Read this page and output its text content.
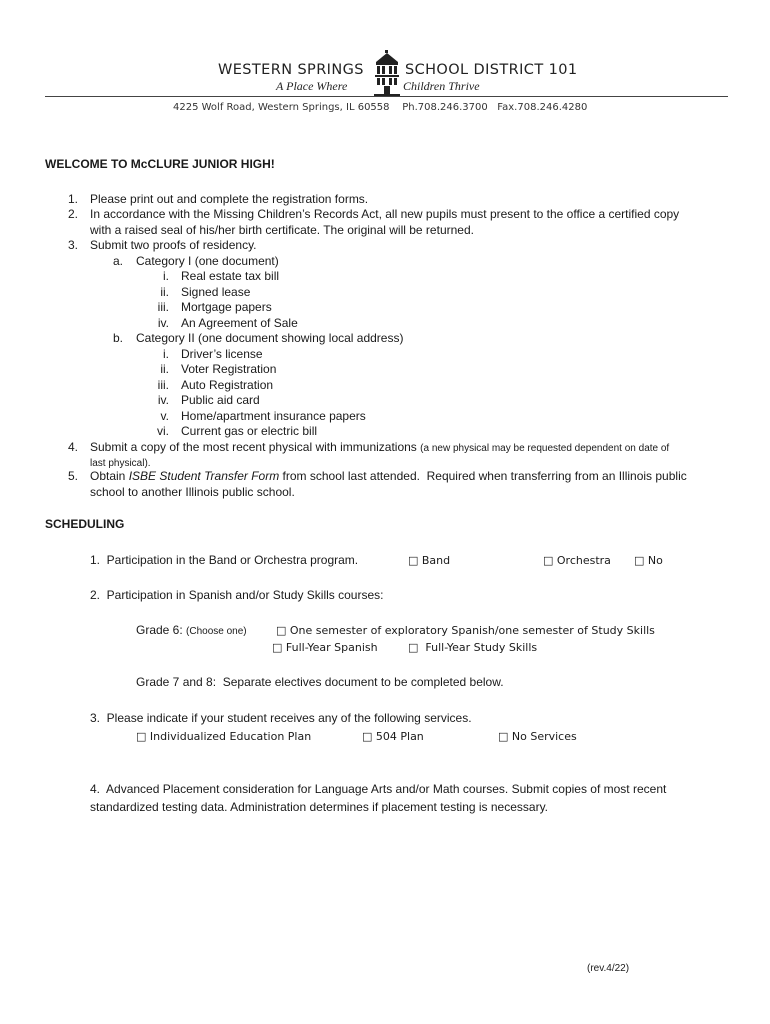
WESTERN SPRINGS
A Place Where
SCHOOL DISTRICT 101
Children Thrive
4225 Wolf Road, Western Springs, IL 60558    Ph.708.246.3700   Fax.708.246.4280
WELCOME TO McCLURE JUNIOR HIGH!
1. Please print out and complete the registration forms.
2. In accordance with the Missing Children’s Records Act, all new pupils must present to the office a certified copy
with a raised seal of his/her birth certificate. The original will be returned.
3. Submit two proofs of residency.
a. Category I (one document)
i. Real estate tax bill
ii. Signed lease
iii. Mortgage papers
iv. An Agreement of Sale
b. Category II (one document showing local address)
i. Driver’s license
ii. Voter Registration
iii. Auto Registration
iv. Public aid card
v. Home/apartment insurance papers
vi. Current gas or electric bill
4. Submit a copy of the most recent physical with immunizations (a new physical may be requested dependent on date of
last physical).
5. Obtain ISBE Student Transfer Form from school last attended.  Required when transferring from an Illinois public
school to another Illinois public school.
SCHEDULING
1.  Participation in the Band or Orchestra program.	□ Band	□ Orchestra □ No
2.  Participation in Spanish and/or Study Skills courses:
Grade 6: (Choose one)	□ One semester of exploratory Spanish/one semester of Study Skills
□ Full-Year Spanish	□  Full-Year Study Skills
Grade 7 and 8:  Separate electives document to be completed below.
3.  Please indicate if your student receives any of the following services.
□ Individualized Education Plan	□ 504 Plan	□ No Services
4.  Advanced Placement consideration for Language Arts and/or Math courses. Submit copies of most recent
standardized testing data. Administration determines if placement testing is necessary.
(rev.4/22)
